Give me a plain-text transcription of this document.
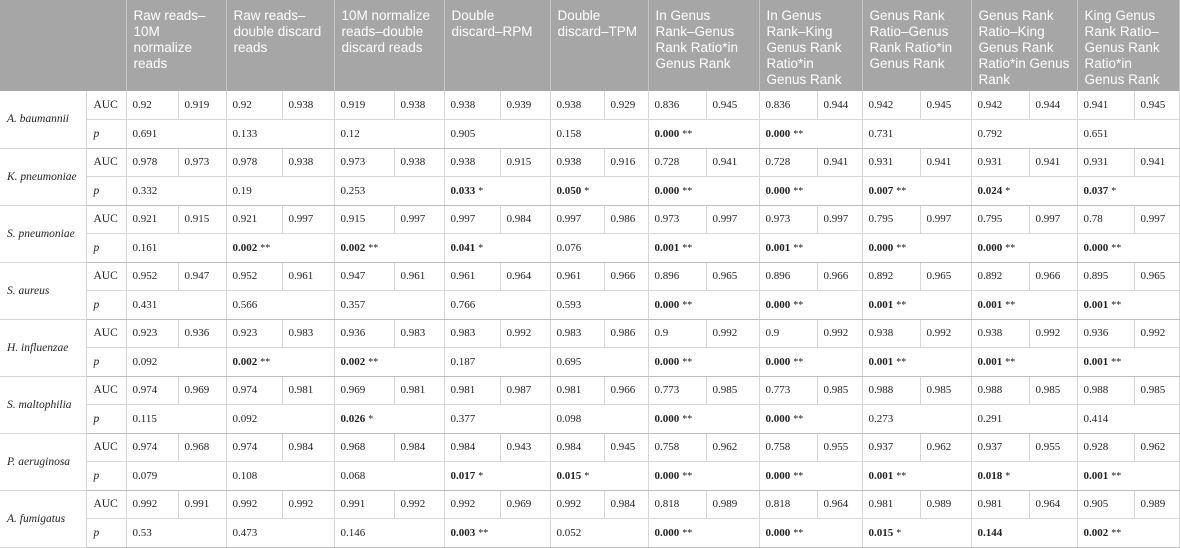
		Raw reads–10M normalize reads		Raw reads–double discard reads		10M normalize reads–double discard reads		Double discard–RPM		Double discard–TPM		In Genus Rank–Genus Rank Ratio*in Genus Rank		In Genus Rank–King Genus Rank Ratio*in Genus Rank		Genus Rank Ratio–Genus Rank Ratio*in Genus Rank		Genus Rank Ratio–King Genus Rank Ratio*in Genus Rank		King Genus Rank Ratio–Genus Rank Ratio*in Genus Rank	
A. baumannii	AUC	0.92	0.919	0.92	0.938	0.919	0.938	0.938	0.939	0.938	0.929	0.836	0.945	0.836	0.944	0.942	0.945	0.942	0.944	0.941	0.945
	p	0.691		0.133		0.12		0.905		0.158		0.000 **		0.000 **		0.731		0.792		0.651	
K. pneumoniae	AUC	0.978	0.973	0.978	0.938	0.973	0.938	0.938	0.915	0.938	0.916	0.728	0.941	0.728	0.941	0.931	0.941	0.931	0.941	0.931	0.941
	p	0.332		0.19		0.253		0.033 *		0.050 *		0.000 **		0.000 **		0.007 **		0.024 *		0.037 *	
S. pneumoniae	AUC	0.921	0.915	0.921	0.997	0.915	0.997	0.997	0.984	0.997	0.986	0.973	0.997	0.973	0.997	0.795	0.997	0.795	0.997	0.78	0.997
	p	0.161		0.002 **		0.002 **		0.041 *		0.076		0.001 **		0.001 **		0.000 **		0.000 **		0.000 **	
S. aureus	AUC	0.952	0.947	0.952	0.961	0.947	0.961	0.961	0.964	0.961	0.966	0.896	0.965	0.896	0.966	0.892	0.965	0.892	0.966	0.895	0.965
	p	0.431		0.566		0.357		0.766		0.593		0.000 **		0.000 **		0.001 **		0.001 **		0.001 **	
H. influenzae	AUC	0.923	0.936	0.923	0.983	0.936	0.983	0.983	0.992	0.983	0.986	0.9	0.992	0.9	0.992	0.938	0.992	0.938	0.992	0.936	0.992
	p	0.092		0.002 **		0.002 **		0.187		0.695		0.000 **		0.000 **		0.001 **		0.001 **		0.001 **	
S. maltophilia	AUC	0.974	0.969	0.974	0.981	0.969	0.981	0.981	0.987	0.981	0.966	0.773	0.985	0.773	0.985	0.988	0.985	0.988	0.985	0.988	0.985
	p	0.115		0.092		0.026 *		0.377		0.098		0.000 **		0.000 **		0.273		0.291		0.414	
P. aeruginosa	AUC	0.974	0.968	0.974	0.984	0.968	0.984	0.984	0.943	0.984	0.945	0.758	0.962	0.758	0.955	0.937	0.962	0.937	0.955	0.928	0.962
	p	0.079		0.108		0.068		0.017 *		0.015 *		0.000 **		0.000 **		0.001 **		0.018 *		0.001 **	
A. fumigatus	AUC	0.992	0.991	0.992	0.992	0.991	0.992	0.992	0.969	0.992	0.984	0.818	0.989	0.818	0.964	0.981	0.989	0.981	0.964	0.905	0.989
	p	0.53		0.473		0.146		0.003 **		0.052		0.000 **		0.000 **		0.015 *		0.144		0.002 **	
